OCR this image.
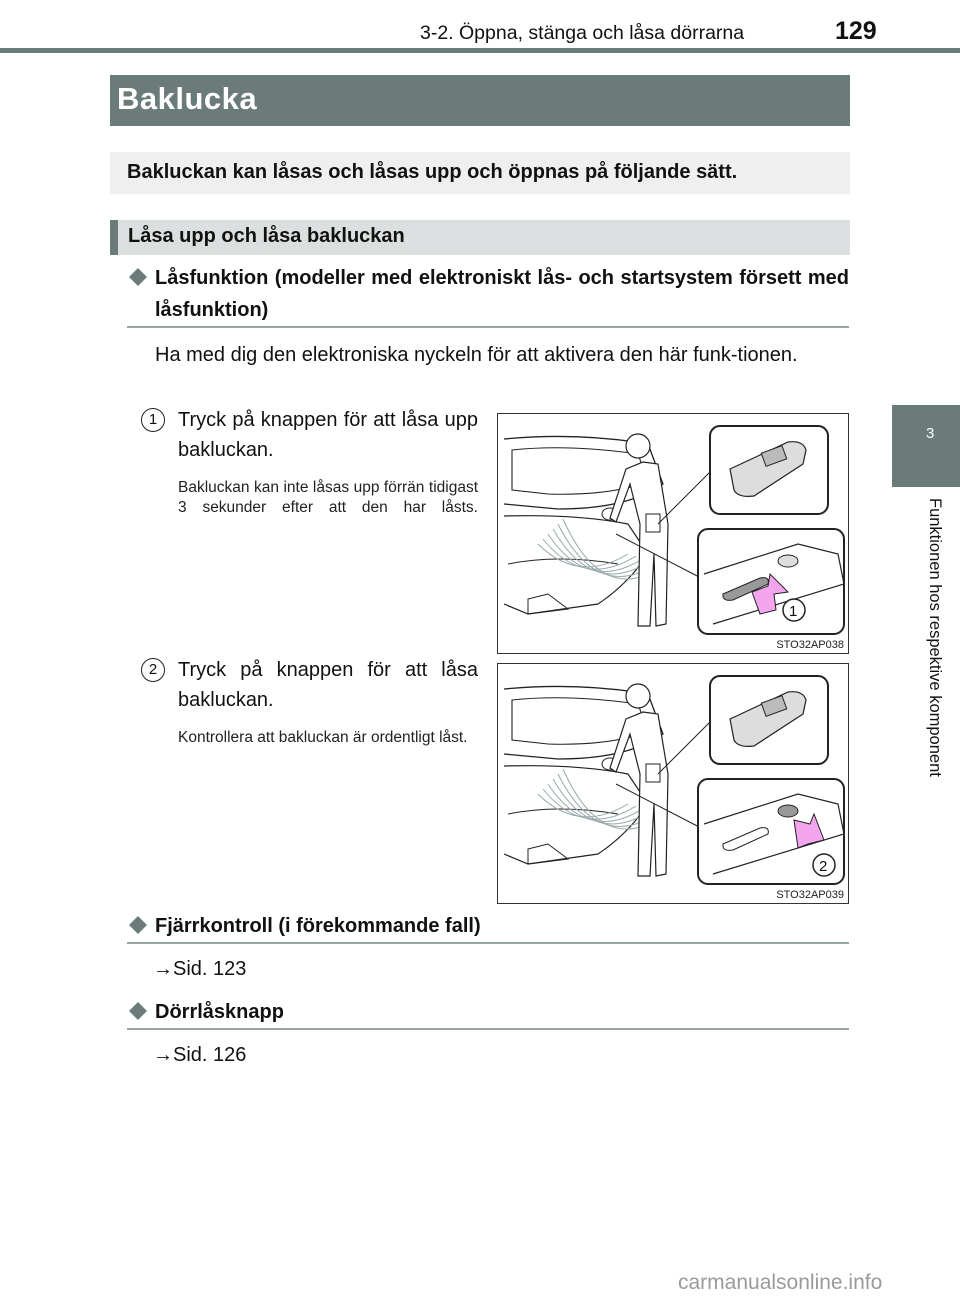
3-2. Öppna, stänga och låsa dörrarna	129
3
Funktionen hos respektive komponent
Baklucka

Bakluckan kan låsas och låsas upp och öppnas på följande sätt.

Låsa upp och låsa bakluckan
Låsfunktion (modeller med elektroniskt lås- och startsystem försett med låsfunktion)
Ha med dig den elektroniska nyckeln för att aktivera den här funk-tionen.
1	Tryck på knappen för att låsa upp bakluckan.
Bakluckan kan inte låsas upp förrän tidigast 3 sekunder efter att den har låsts.
1
STO32AP038
2	Tryck på knappen för att låsa bakluckan.
Kontrollera att bakluckan är ordentligt låst.
2
STO32AP039
Fjärrkontroll (i förekommande fall)
→Sid. 123
Dörrlåsknapp
→Sid. 126
carmanualsonline.info
